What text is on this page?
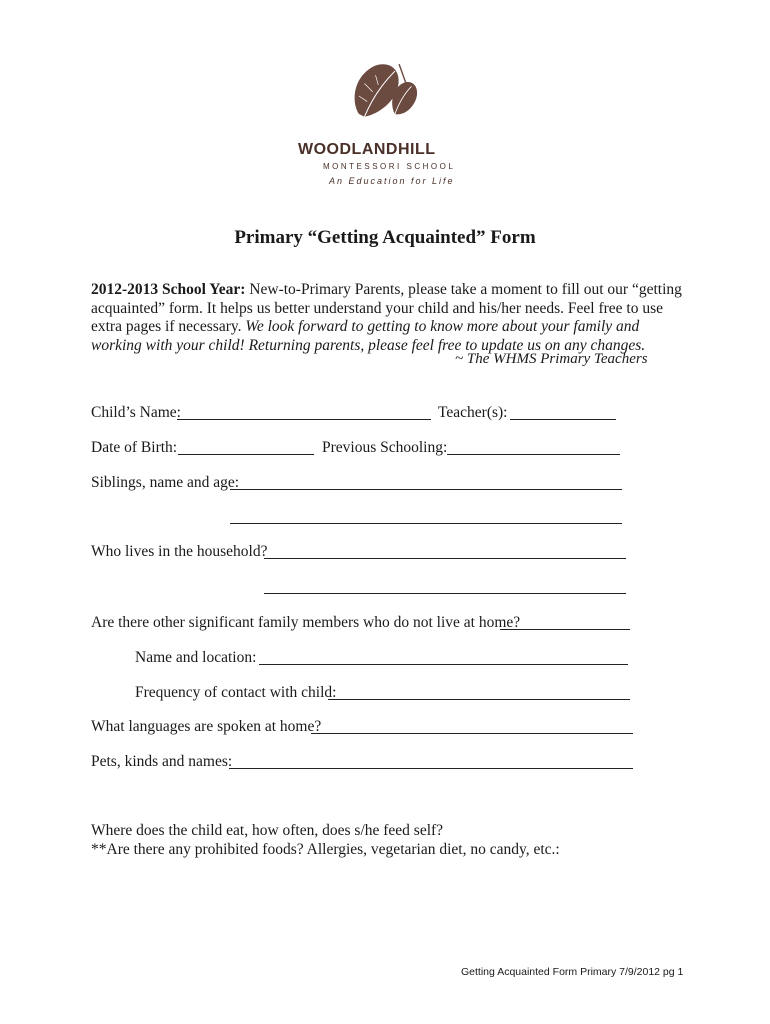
WOODLANDHILL
MONTESSORI SCHOOL
An Education for Life
Primary “Getting Acquainted” Form
2012-2013 School Year: New-to-Primary Parents, please take a moment to fill out our “getting acquainted” form. It helps us better understand your child and his/her needs. Feel free to use extra pages if necessary. We look forward to getting to know more about your family and working with your child! Returning parents, please feel free to update us on any changes.
~ The WHMS Primary Teachers
Child’s Name:	Teacher(s):
Date of Birth:	Previous Schooling:
Siblings, name and age:
Who lives in the household?
Are there other significant family members who do not live at home?
Name and location:
Frequency of contact with child:
What languages are spoken at home?
Pets, kinds and names:
Where does the child eat, how often, does s/he feed self?
**Are there any prohibited foods? Allergies, vegetarian diet, no candy, etc.:
Getting Acquainted Form Primary 7/9/2012 pg 1
